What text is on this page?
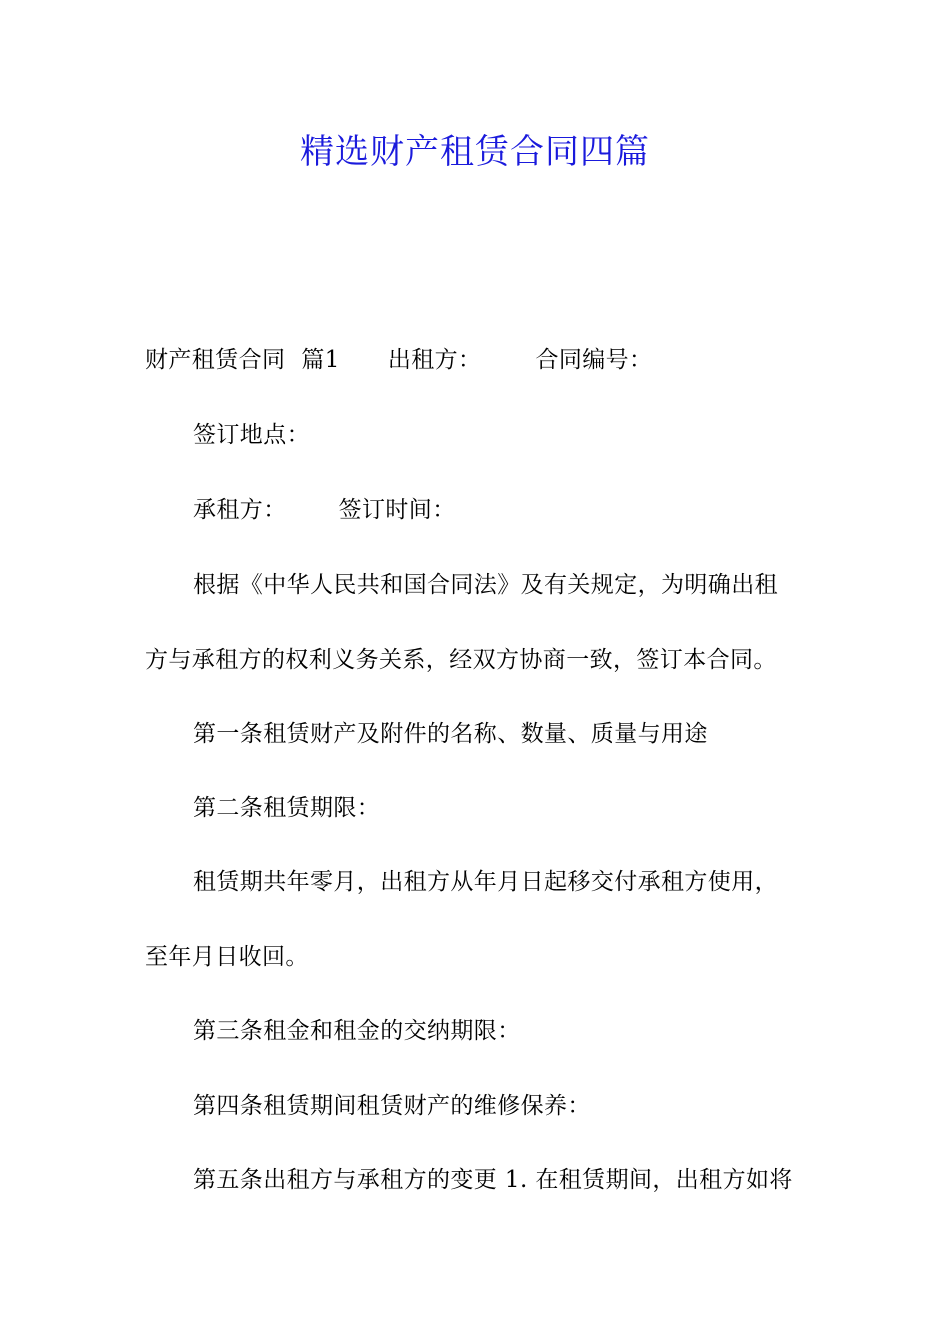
精选财产租赁合同四篇
财产租赁合同 篇1 出租方： 合同编号：
签订地点：
承租方： 签订时间：
根据《中华人民共和国合同法》及有关规定，为明确出租
方与承租方的权利义务关系，经双方协商一致，签订本合同。
第一条租赁财产及附件的名称、数量、质量与用途
第二条租赁期限：
租赁期共年零月，出租方从年月日起移交付承租方使用，
至年月日收回。
第三条租金和租金的交纳期限：
第四条租赁期间租赁财产的维修保养：
第五条出租方与承租方的变更 1. 在租赁期间，出租方如将
